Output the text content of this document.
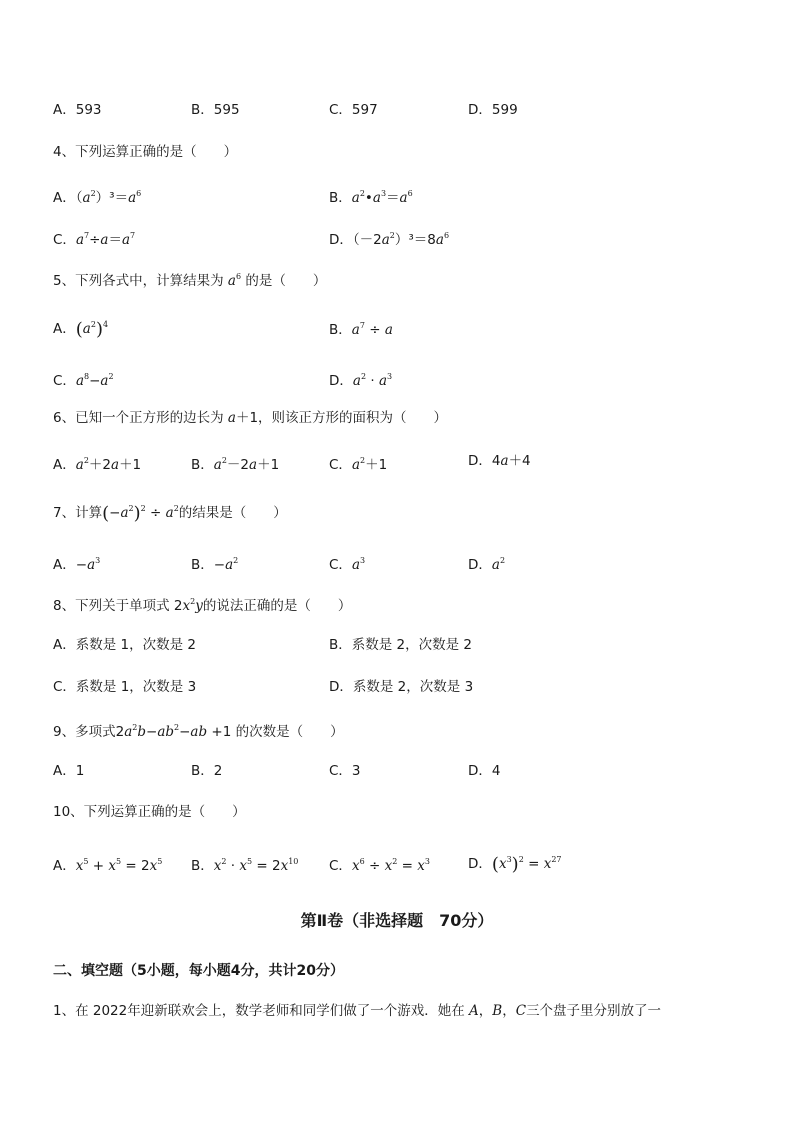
A．593	B．595	C．597	D．599
4、下列运算正确的是（　　）
A．$(a^2)^3=a^6$	B．$a^2•a^3=a^6$
C．$a^7\div a=a^7$	D．$(-2a^2)^3=8a^6$
5、下列各式中，计算结果为 $a^6$ 的是（　　）
A．$(a^2)^4$	B．$a^7 \div a$
C．$a^8-a^2$	D．$a^2 \cdot a^3$
6、已知一个正方形的边长为 a＋1，则该正方形的面积为（　　）
A．$a^2+2a+1$	B．$a^2-2a+1$	C．$a^2+1$	D．4a＋4
7、计算$(-a^2)^2 \div a^2$的结果是（　　）
A．$-a^3$	B．$-a^2$	C．$a^3$	D．$a^2$
8、下列关于单项式 $2x^2y$的说法正确的是（　　）
A．系数是 1，次数是 2	B．系数是 2，次数是 2
C．系数是 1，次数是 3	D．系数是 2，次数是 3
9、多项式$2a^2b-ab^2-ab +1$ 的次数是（　　）
A．1	B．2	C．3	D．4
10、下列运算正确的是（　　）
A．$x^5 + x^5 = 2x^5$ B．$x^2 \cdot x^5 = 2x^{10}$ C．$x^6 \div x^2 = x^3$	D．$(x^3)^2 = x^{27}$
第Ⅱ卷（非选择题　70分）
二、填空题（5小题，每小题4分，共计20分）
1、在 2022年迎新联欢会上，数学老师和同学们做了一个游戏．她在 A，B，C三个盘子里分别放了一
